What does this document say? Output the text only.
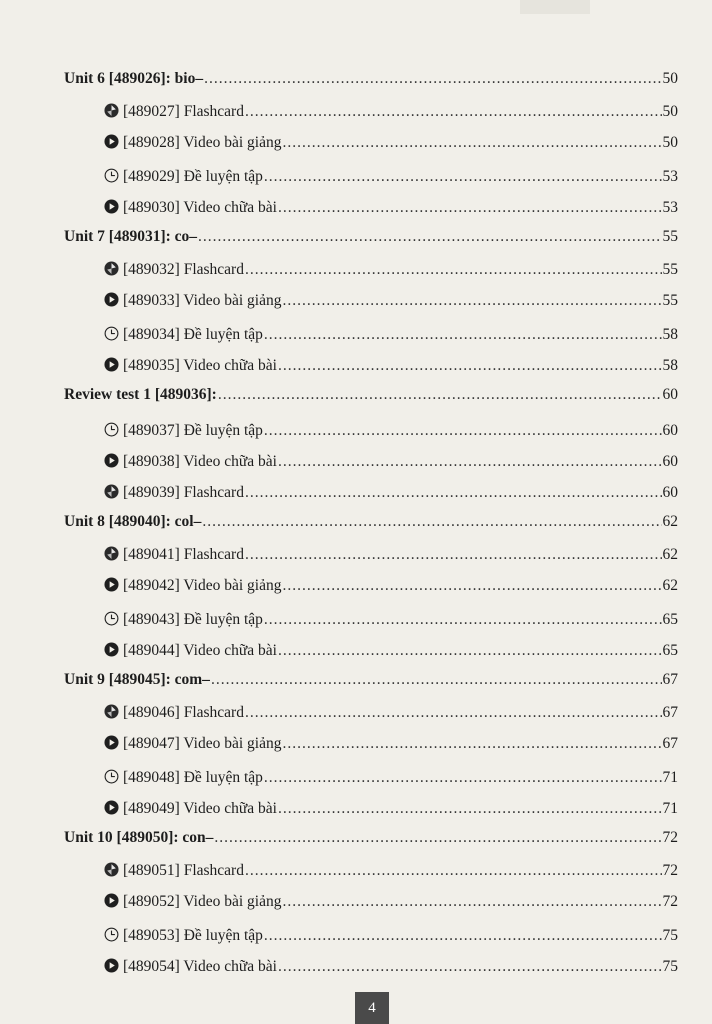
Unit 6 [489026]: bio– .....	50
[489027] Flashcard .....	50
[489028] Video bài giảng .....	50
[489029] Đề luyện tập .....	53
[489030] Video chữa bài .....	53
Unit 7 [489031]: co– .....	55
[489032] Flashcard .....	55
[489033] Video bài giảng .....	55
[489034] Đề luyện tập .....	58
[489035] Video chữa bài .....	58
Review test 1 [489036]: .....	60
[489037] Đề luyện tập .....	60
[489038] Video chữa bài .....	60
[489039] Flashcard .....	60
Unit 8 [489040]: col– .....	62
[489041] Flashcard .....	62
[489042] Video bài giảng .....	62
[489043] Đề luyện tập .....	65
[489044] Video chữa bài .....	65
Unit 9 [489045]: com– .....	67
[489046] Flashcard .....	67
[489047] Video bài giảng .....	67
[489048] Đề luyện tập .....	71
[489049] Video chữa bài .....	71
Unit 10 [489050]: con– .....	72
[489051] Flashcard .....	72
[489052] Video bài giảng .....	72
[489053] Đề luyện tập .....	75
[489054] Video chữa bài .....	75
4
